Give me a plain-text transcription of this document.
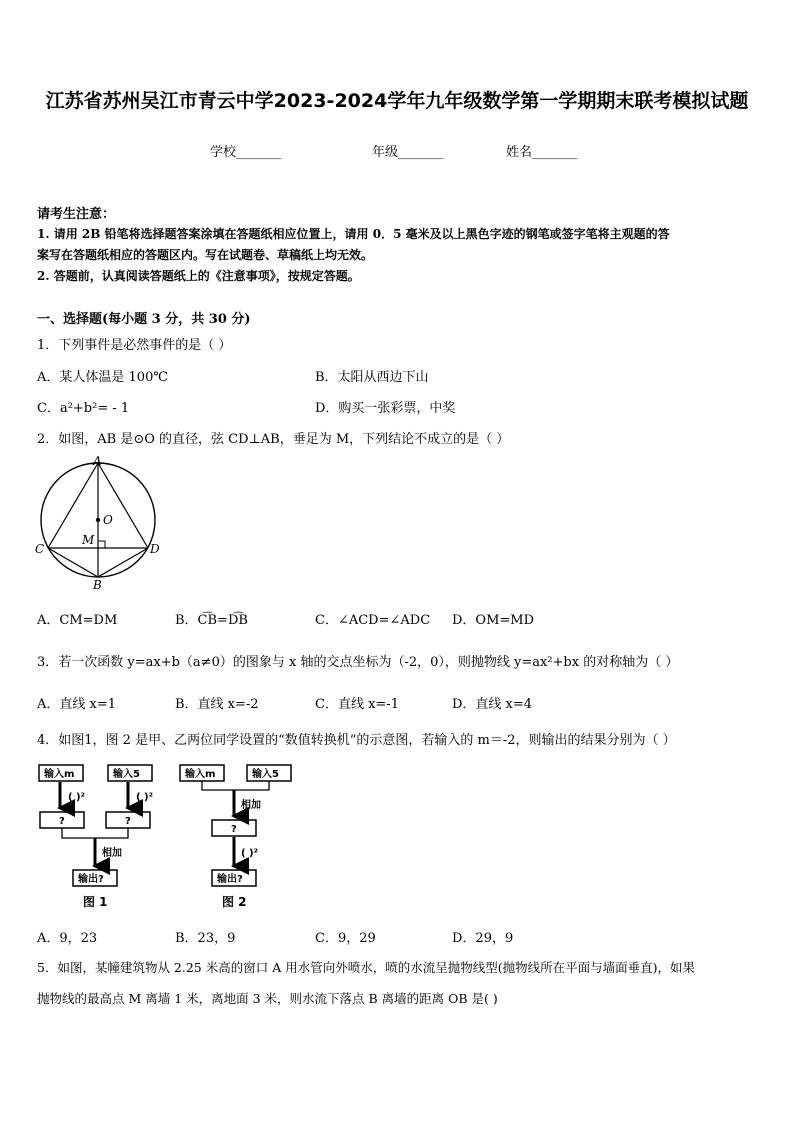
江苏省苏州吴江市青云中学2023-2024学年九年级数学第一学期期末联考模拟试题
学校_______	年级_______	姓名_______
请考生注意：
1. 请用 2B 铅笔将选择题答案涂填在答题纸相应位置上，请用 0．5 毫米及以上黑色字迹的钢笔或签字笔将主观题的答
案写在答题纸相应的答题区内。写在试题卷、草稿纸上均无效。
2. 答题前，认真阅读答题纸上的《注意事项》，按规定答题。
一、选择题(每小题 3 分，共 30 分)
1．下列事件是必然事件的是（ ）
A．某人体温是 100℃	B．太阳从西边下山
C．a²+b²= - 1	D．购买一张彩票，中奖
2．如图，AB 是⊙O 的直径，弦 CD⊥AB，垂足为 M，下列结论不成立的是（ ）
A
O
M
C	D
B
A．CM=DM	B．C͡B=D͡B	C．∠ACD=∠ADC D．OM=MD
3．若一次函数 y=ax+b（a≠0）的图象与 x 轴的交点坐标为（-2，0），则抛物线 y=ax²+bx 的对称轴为（ ）
A．直线 x=1	B．直线 x=-2	C．直线 x=-1	D．直线 x=4
4．如图1，图 2 是甲、乙两位同学设置的“数值转换机”的示意图，若输入的 m＝-2，则输出的结果分别为（ ）
输入m	输入5
( )²	( )²
?	?
相加
输出?
图 1
输入m	输入5
相加
?
( )²
输出?
图 2
A．9，23	B．23，9	C．9，29	D．29，9
5．如图，某幢建筑物从 2.25 米高的窗口 A 用水管向外喷水，喷的水流呈抛物线型(抛物线所在平面与墙面垂直)，如果
抛物线的最高点 M 离墙 1 米，离地面 3 米，则水流下落点 B 离墙的距离 OB 是( )
